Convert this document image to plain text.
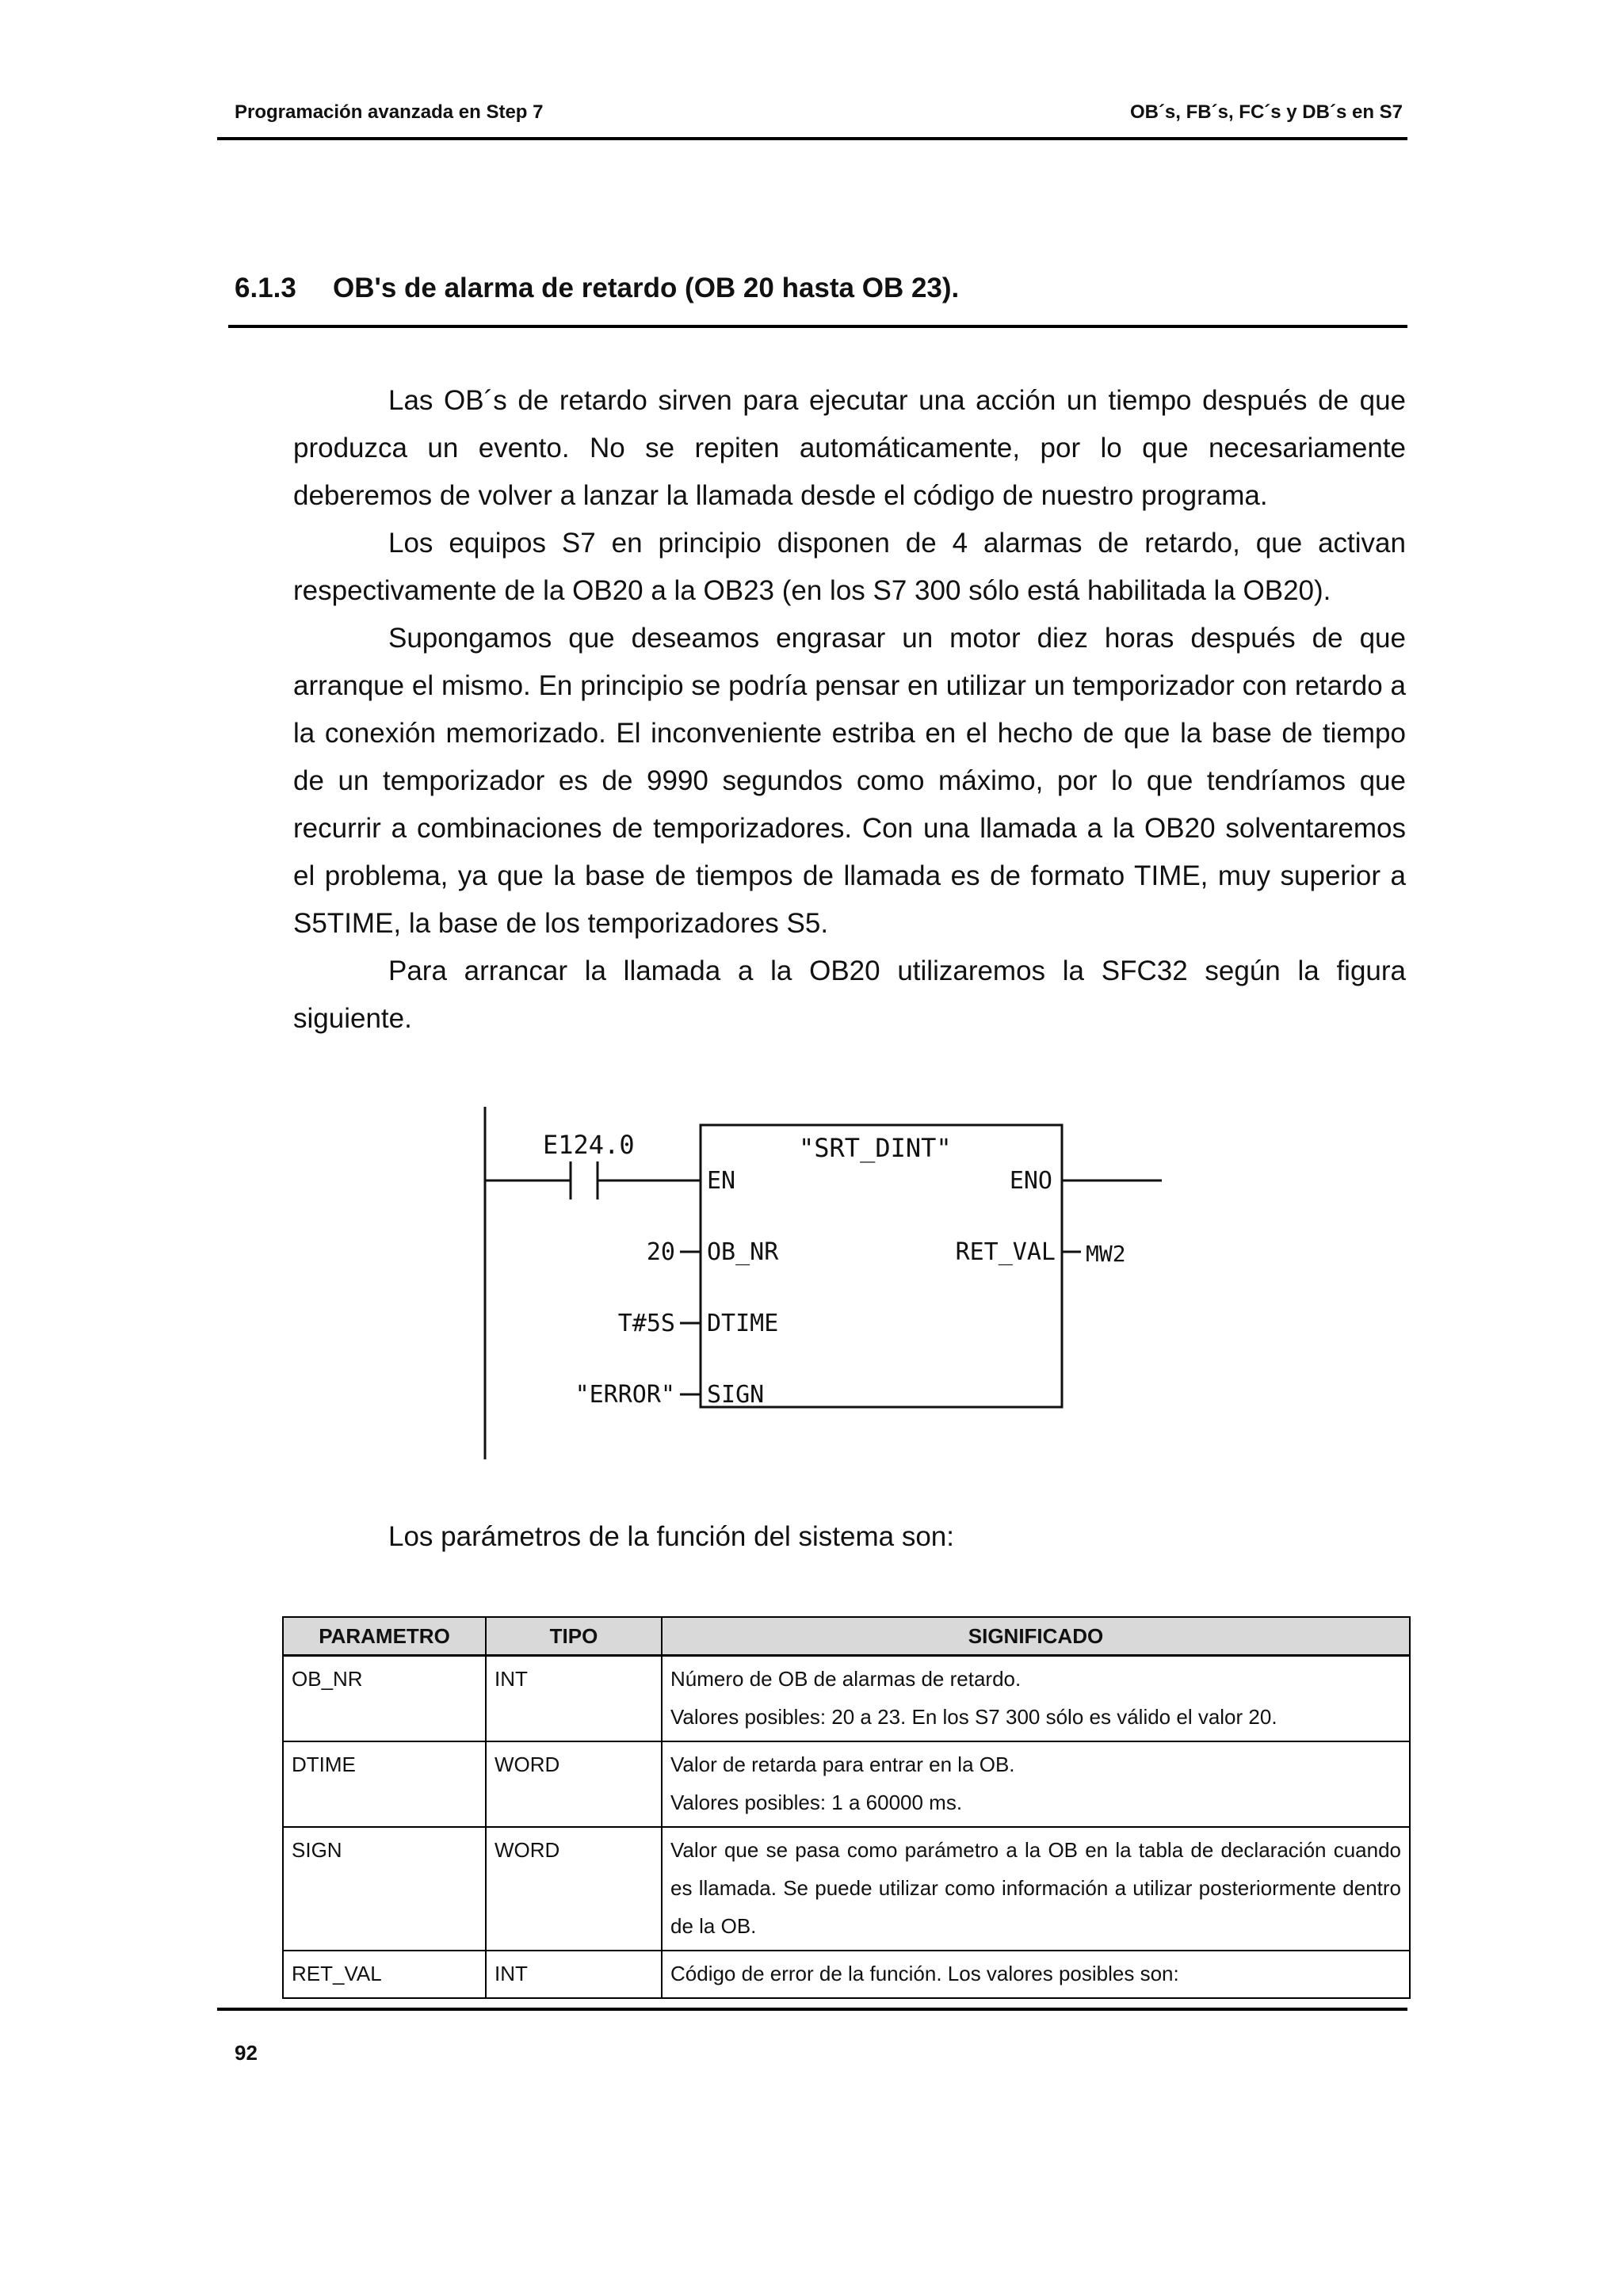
Programación avanzada en Step 7	OB´s, FB´s, FC´s y DB´s en S7
6.1.3 OB's de alarma de retardo (OB 20 hasta OB 23).

Las OB´s de retardo sirven para ejecutar una acción un tiempo después de que produzca un evento. No se repiten automáticamente, por lo que necesariamente deberemos de volver a lanzar la llamada desde el código de nuestro programa.

Los equipos S7 en principio disponen de 4 alarmas de retardo, que activan respectivamente de la OB20 a la OB23 (en los S7 300 sólo está habilitada la OB20).

Supongamos que deseamos engrasar un motor diez horas después de que arranque el mismo. En principio se podría pensar en utilizar un temporizador con retardo a la conexión memorizado. El inconveniente estriba en el hecho de que la base de tiempo de un temporizador es de 9990 segundos como máximo, por lo que tendríamos que recurrir a combinaciones de temporizadores. Con una llamada a la OB20 solventaremos el problema, ya que la base de tiempos de llamada es de formato TIME, muy superior a S5TIME, la base de los temporizadores S5.

Para arrancar la llamada a la OB20 utilizaremos la SFC32 según la figura siguiente.

E124.0	"SRT_DINT"
EN	ENO
20 OB_NR	RET_VAL MW2
T#5S DTIME
"ERROR" SIGN
Los parámetros de la función del sistema son:
PARAMETRO	TIPO	SIGNIFICADO
OB_NR	INT	Número de OB de alarmas de retardo.
Valores posibles: 20 a 23. En los S7 300 sólo es válido el valor 20.

DTIME	WORD	Valor de retarda para entrar en la OB.
Valores posibles: 1 a 60000 ms.

SIGN	WORD	Valor que se pasa como parámetro a la OB en la tabla de declaración cuando es llamada. Se puede utilizar como información a utilizar posteriormente dentro de la OB.

RET_VAL	INT	Código de error de la función. Los valores posibles son:
92
